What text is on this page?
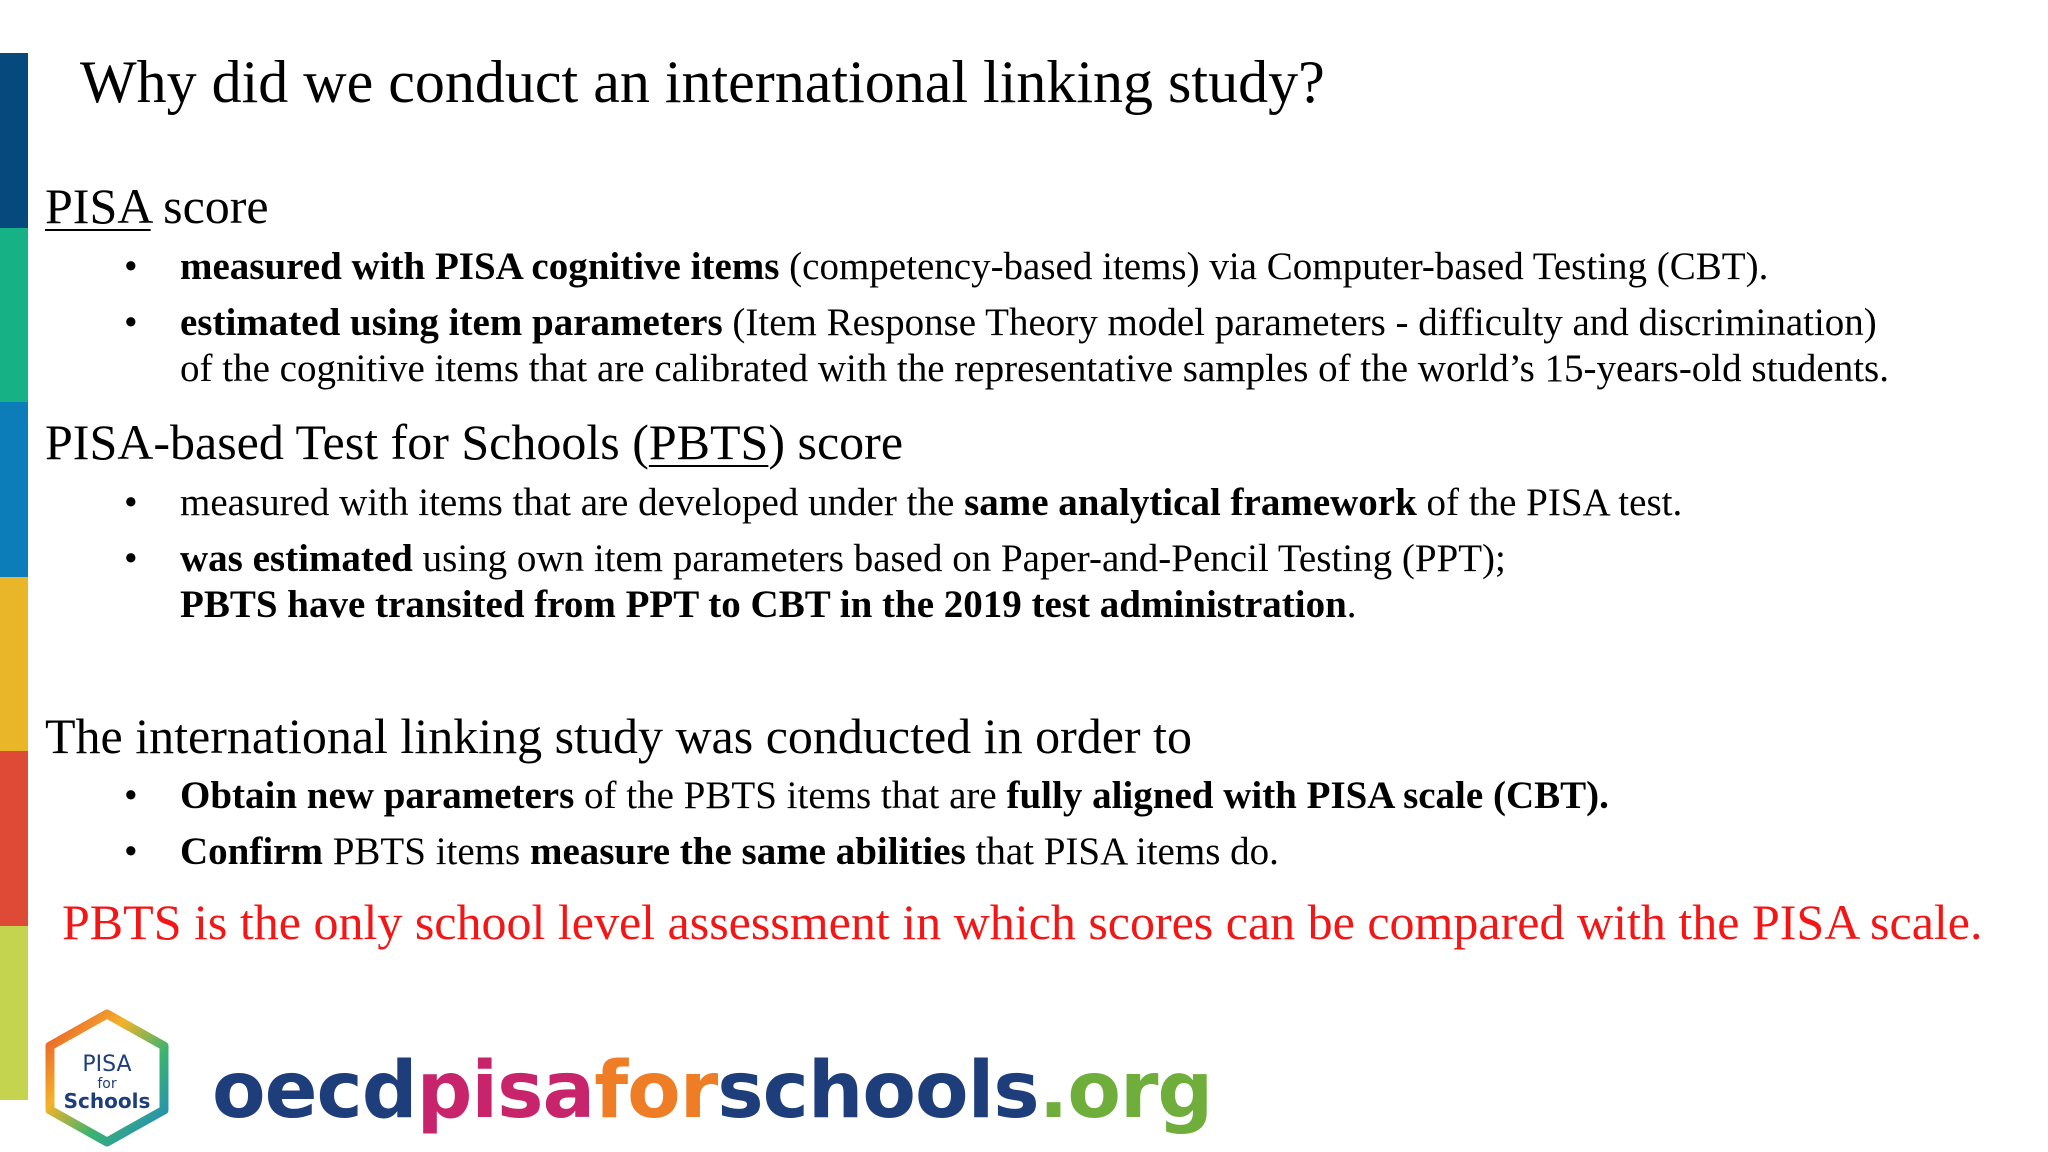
Why did we conduct an international linking study?
PISA score
• measured with PISA cognitive items (competency-based items) via Computer-based Testing (CBT).
• estimated using item parameters (Item Response Theory model parameters - difficulty and discrimination)
of the cognitive items that are calibrated with the representative samples of the world’s 15-years-old students.
PISA-based Test for Schools (PBTS) score
• measured with items that are developed under the same analytical framework of the PISA test.
• was estimated using own item parameters based on Paper-and-Pencil Testing (PPT);
PBTS have transited from PPT to CBT in the 2019 test administration.
The international linking study was conducted in order to
• Obtain new parameters of the PBTS items that are fully aligned with PISA scale (CBT).
• Confirm PBTS items measure the same abilities that PISA items do.

PBTS is the only school level assessment in which scores can be compared with the PISA scale.

PISA
for
Schools oecdpisaforschools.org
